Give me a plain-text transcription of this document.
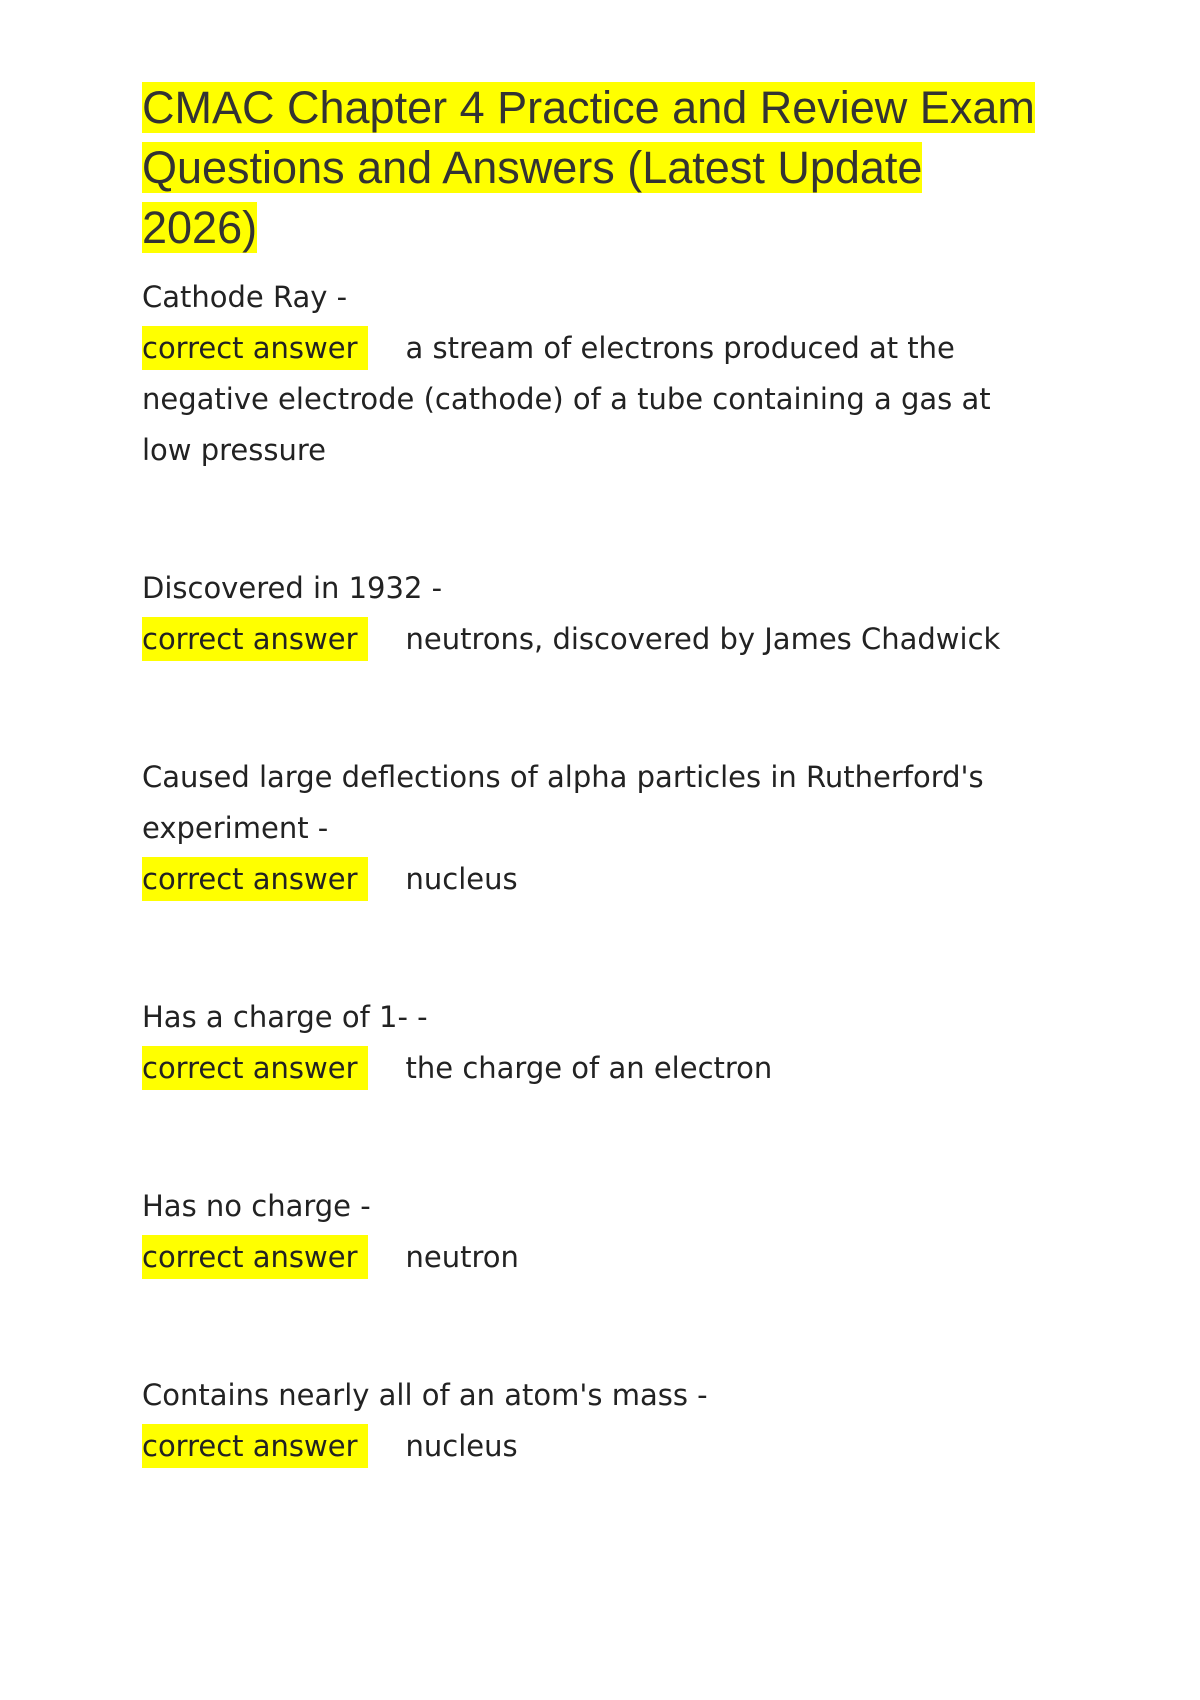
CMAC Chapter 4 Practice and Review Exam Questions and Answers (Latest Update 2026)
Cathode Ray -
correct answer a stream of electrons produced at the negative electrode (cathode) of a tube containing a gas at low pressure
Discovered in 1932 -
correct answer neutrons, discovered by James Chadwick
Caused large deflections of alpha particles in Rutherford's experiment -
correct answer nucleus
Has a charge of 1- -
correct answer the charge of an electron
Has no charge -
correct answer neutron
Contains nearly all of an atom's mass -
correct answer nucleus
